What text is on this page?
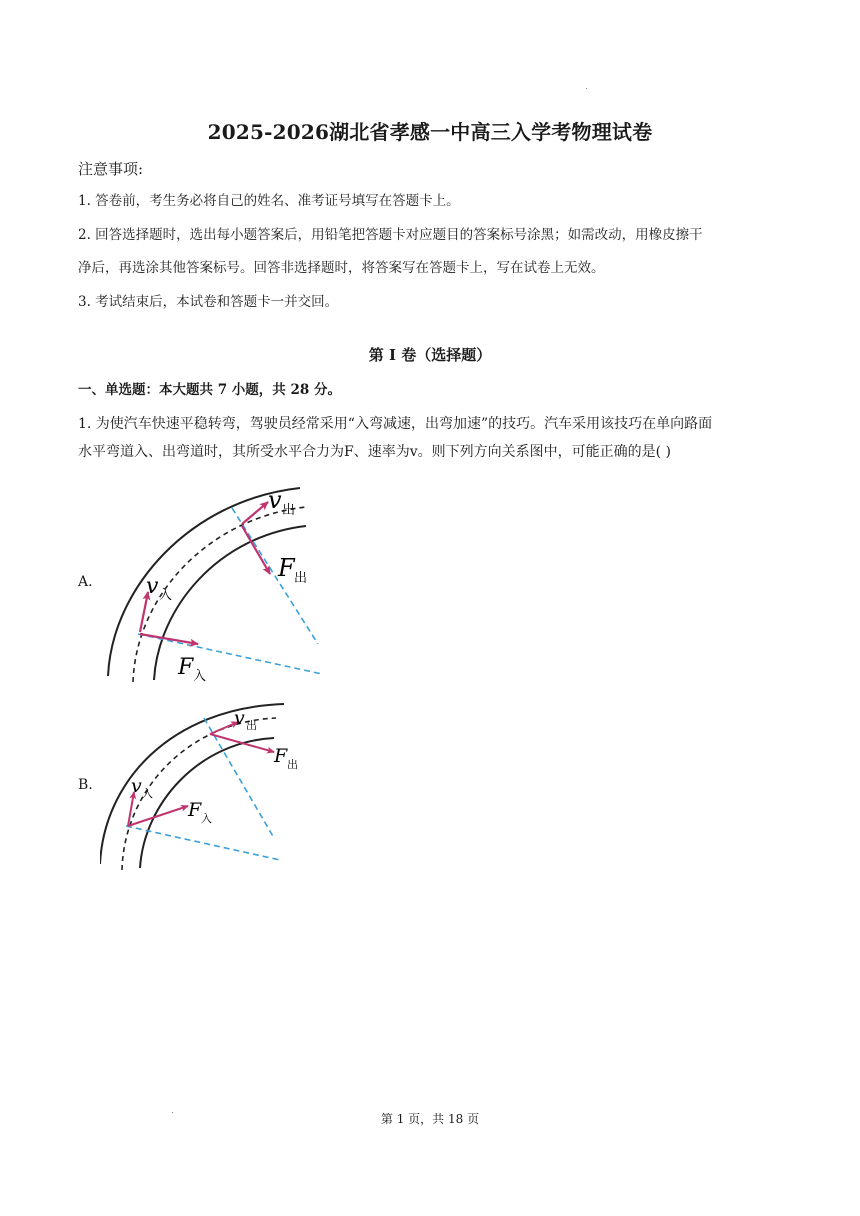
2025-2026湖北省孝感一中高三入学考物理试卷
注意事项:
1. 答卷前，考生务必将自己的姓名、准考证号填写在答题卡上。
2. 回答选择题时，选出每小题答案后，用铅笔把答题卡对应题目的答案标号涂黑；如需改动，用橡皮擦干
净后，再选涂其他答案标号。回答非选择题时，将答案写在答题卡上，写在试卷上无效。
3. 考试结束后，本试卷和答题卡一并交回。
第 I 卷（选择题）
一、单选题：本大题共 7 小题，共 28 分。
1. 为使汽车快速平稳转弯，驾驶员经常采用“入弯减速，出弯加速”的技巧。汽车采用该技巧在单向路面
水平弯道入、出弯道时，其所受水平合力为F、速率为v。则下列方向关系图中，可能正确的是( )
A. v 入
v 出
F 入
F 出
B. v 入
v 出
F 入
F 出
第 1 页，共 18 页
